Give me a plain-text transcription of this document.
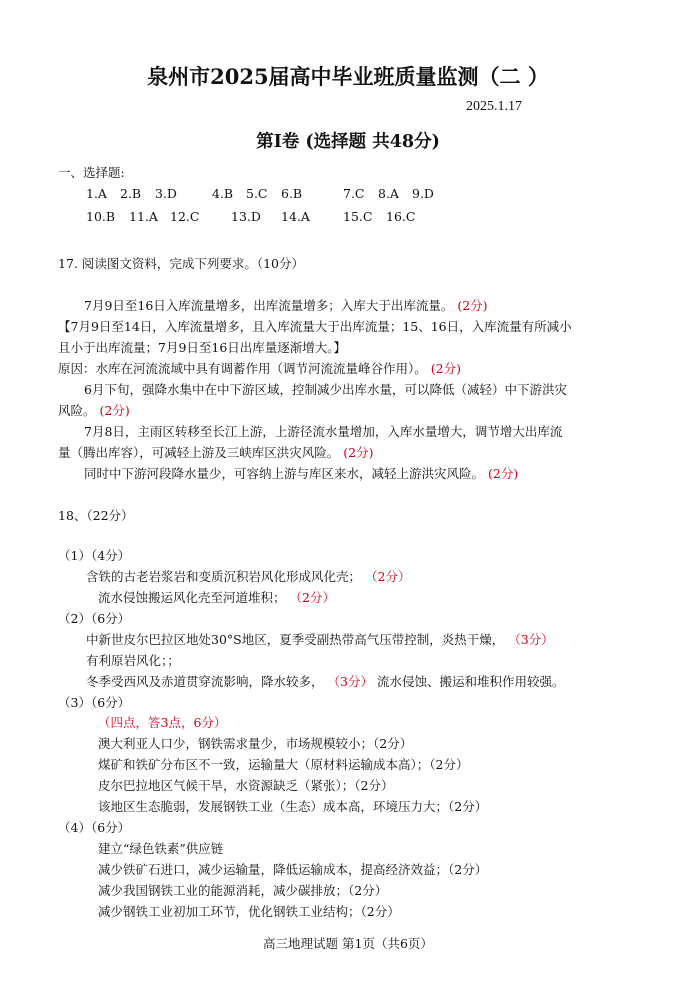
泉州市2025届高中毕业班质量监测（二 ）
2025.1.17
第I卷 (选择题 共48分)
一、选择题:
1.A 2.B 3.D	4.B 5.C 6.B	7.C 8.A 9.D
10.B 11.A 12.C	13.D 14.A	15.C 16.C
17. 阅读图文资料，完成下列要求。（10分）
7月9日至16日入库流量增多，出库流量增多；入库大于出库流量。 (2分)
【7月9日至14日，入库流量增多，且入库流量大于出库流量；15、16日，入库流量有所减小
且小于出库流量；7月9日至16日出库量逐渐增大。】
原因：水库在河流流域中具有调蓄作用（调节河流流量峰谷作用）。 (2分)
6月下旬，强降水集中在中下游区域，控制减少出库水量，可以降低（减轻）中下游洪灾
风险。 (2分)
7月8日，主雨区转移至长江上游，上游径流水量增加，入库水量增大，调节增大出库流
量（腾出库容），可减轻上游及三峡库区洪灾风险。 (2分)
同时中下游河段降水量少，可容纳上游与库区来水，减轻上游洪灾风险。 (2分)
18、（22分）
（1）（4分）
含铁的古老岩浆岩和变质沉积岩风化形成风化壳； （2分）
流水侵蚀搬运风化壳至河道堆积； （2分）
（2）（6分）
中新世皮尔巴拉区地处30°S地区，夏季受副热带高气压带控制，炎热干燥， （3分）
有利原岩风化；；
冬季受西风及赤道贯穿流影响，降水较多， （3分） 流水侵蚀、搬运和堆积作用较强。
（3）（6分）
（四点，答3点，6分）
澳大利亚人口少，钢铁需求量少，市场规模较小；（2分）
煤矿和铁矿分布区不一致，运输量大（原材料运输成本高）；（2分）
皮尔巴拉地区气候干旱，水资源缺乏（紧张）；（2分）
该地区生态脆弱，发展钢铁工业（生态）成本高，环境压力大；（2分）
（4）（6分）
建立“绿色铁素”供应链
减少铁矿石进口，减少运输量，降低运输成本，提高经济效益；（2分）
减少我国钢铁工业的能源消耗，减少碳排放；（2分）
减少钢铁工业初加工环节，优化钢铁工业结构；（2分）
高三地理试题 第1页（共6页）
